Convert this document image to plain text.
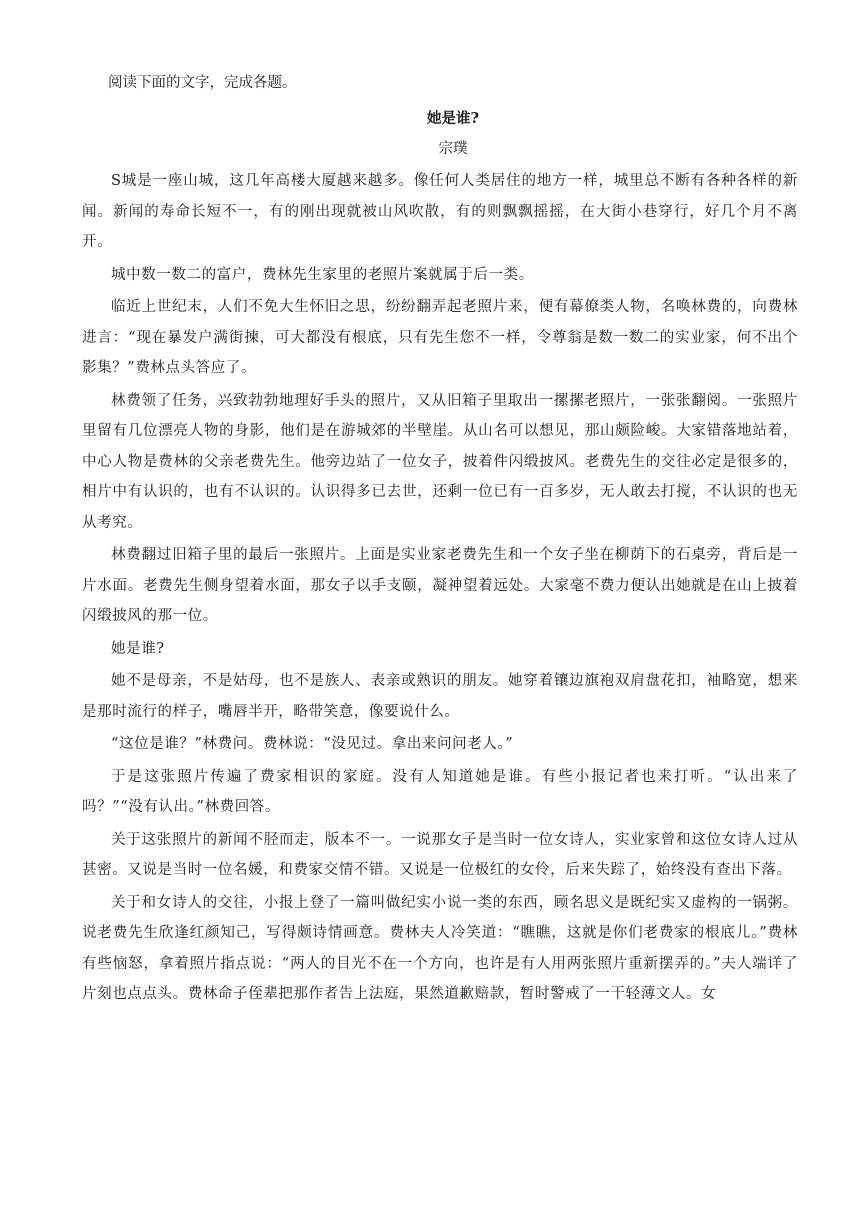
阅读下面的文字，完成各题。

她是谁?

宗璞

S城是一座山城，这几年高楼大厦越来越多。像任何人类居住的地方一样，城里总不断有各种各样的新闻。新闻的寿命长短不一，有的刚出现就被山风吹散，有的则飘飘摇摇，在大街小巷穿行，好几个月不离开。

城中数一数二的富户，费林先生家里的老照片案就属于后一类。

临近上世纪末，人们不免大生怀旧之思，纷纷翻弄起老照片来，便有幕僚类人物，名唤林费的，向费林进言：“现在暴发户满街揀，可大都没有根底，只有先生您不一样，令尊翁是数一数二的实业家，何不出个影集？”费林点头答应了。

林费领了任务，兴致勃勃地理好手头的照片，又从旧箱子里取出一摞摞老照片，一张张翻阅。一张照片里留有几位漂亮人物的身影，他们是在游城郊的半壁崖。从山名可以想见，那山颇险峻。大家错落地站着，中心人物是费林的父亲老费先生。他旁边站了一位女子，披着件闪缎披风。老费先生的交往必定是很多的，相片中有认识的，也有不认识的。认识得多已去世，还剩一位已有一百多岁，无人敢去打搅，不认识的也无从考究。

林费翻过旧箱子里的最后一张照片。上面是实业家老费先生和一个女子坐在柳荫下的石桌旁，背后是一片水面。老费先生侧身望着水面，那女子以手支颐，凝神望着远处。大家毫不费力便认出她就是在山上披着闪缎披风的那一位。

她是谁?

她不是母亲，不是姑母，也不是族人、表亲或熟识的朋友。她穿着镶边旗袍双肩盘花扣，袖略宽，想来是那时流行的样子，嘴唇半开，略带笑意，像要说什么。

“这位是谁？”林费问。费林说：“没见过。拿出来问问老人。”

于是这张照片传遍了费家相识的家庭。没有人知道她是谁。有些小报记者也来打听。“认出来了吗？”“没有认出。”林费回答。

关于这张照片的新闻不胫而走，版本不一。一说那女子是当时一位女诗人，实业家曾和这位女诗人过从甚密。又说是当时一位名媛，和费家交情不错。又说是一位极红的女伶，后来失踪了，始终没有查出下落。

关于和女诗人的交往，小报上登了一篇叫做纪实小说一类的东西，顾名思义是既纪实又虚构的一锅粥。说老费先生欣逢红颜知己，写得颇诗情画意。费林夫人冷笑道：“瞧瞧，这就是你们老费家的根底儿。”费林有些恼怒，拿着照片指点说：“两人的目光不在一个方向，也许是有人用两张照片重新摆弄的。”夫人端详了片刻也点点头。费林命子侄辈把那作者告上法庭，果然道歉赔款，暂时警戒了一干轻薄文人。女
